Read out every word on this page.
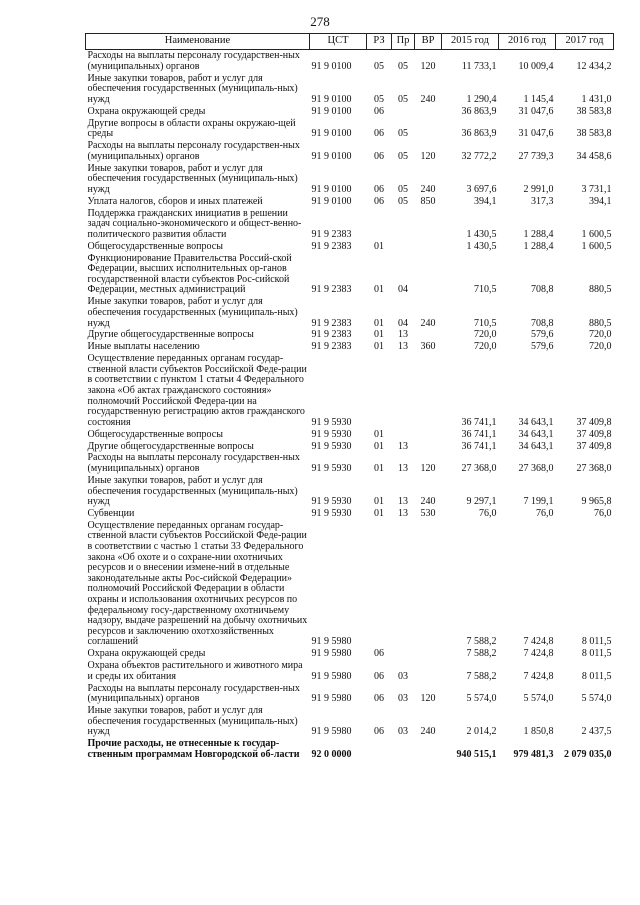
278
Наименование	ЦСТ	РЗ	Пр	ВР	2015 год	2016 год	2017 год
Расходы на выплаты персоналу государствен-ных (муниципальных) органов	91 9 0100	05	05	120	11 733,1	10 009,4	12 434,2
Иные закупки товаров, работ и услуг для обеспечения государственных (муниципаль-ных) нужд	91 9 0100	05	05	240	1 290,4	1 145,4	1 431,0
Охрана окружающей среды	91 9 0100	06			36 863,9	31 047,6	38 583,8
Другие вопросы в области охраны окружаю-щей среды	91 9 0100	06	05		36 863,9	31 047,6	38 583,8
Расходы на выплаты персоналу государствен-ных (муниципальных) органов	91 9 0100	06	05	120	32 772,2	27 739,3	34 458,6
Иные закупки товаров, работ и услуг для обеспечения государственных (муниципаль-ных) нужд	91 9 0100	06	05	240	3 697,6	2 991,0	3 731,1
Уплата налогов, сборов и иных платежей	91 9 0100	06	05	850	394,1	317,3	394,1
Поддержка гражданских инициатив в решении задач социально-экономического и общест-венно-политического развития области	91 9 2383				1 430,5	1 288,4	1 600,5
Общегосударственные вопросы	91 9 2383	01			1 430,5	1 288,4	1 600,5
Функционирование Правительства Россий-ской Федерации, высших исполнительных ор-ганов государственной власти субъектов Рос-сийской Федерации, местных администраций	91 9 2383	01	04		710,5	708,8	880,5
Иные закупки товаров, работ и услуг для обеспечения государственных (муниципаль-ных) нужд	91 9 2383	01	04	240	710,5	708,8	880,5
Другие общегосударственные вопросы	91 9 2383	01	13		720,0	579,6	720,0
Иные выплаты населению	91 9 2383	01	13	360	720,0	579,6	720,0
Осуществление переданных органам государ-ственной власти субъектов Российской Феде-рации в соответствии с пунктом 1 статьи 4 Федерального закона «Об актах гражданского состояния» полномочий Российской Федера-ции на государственную регистрацию актов гражданского состояния	91 9 5930				36 741,1	34 643,1	37 409,8
Общегосударственные вопросы	91 9 5930	01			36 741,1	34 643,1	37 409,8
Другие общегосударственные вопросы	91 9 5930	01	13		36 741,1	34 643,1	37 409,8
Расходы на выплаты персоналу государствен-ных (муниципальных) органов	91 9 5930	01	13	120	27 368,0	27 368,0	27 368,0
Иные закупки товаров, работ и услуг для обеспечения государственных (муниципаль-ных) нужд	91 9 5930	01	13	240	9 297,1	7 199,1	9 965,8
Субвенции	91 9 5930	01	13	530	76,0	76,0	76,0
Осуществление переданных органам государ-ственной власти субъектов Российской Феде-рации в соответствии с частью 1 статьи 33 Федерального закона «Об охоте и о сохране-нии охотничьих ресурсов и о внесении измене-ний в отдельные законодательные акты Рос-сийской Федерации» полномочий Российской Федерации в области охраны и использования охотничьих ресурсов по федеральному госу-дарственному охотничьему надзору, выдаче разрешений на добычу охотничьих ресурсов и заключению охотхозяйственных соглашений	91 9 5980				7 588,2	7 424,8	8 011,5
Охрана окружающей среды	91 9 5980	06			7 588,2	7 424,8	8 011,5
Охрана объектов растительного и животного мира и среды их обитания	91 9 5980	06	03		7 588,2	7 424,8	8 011,5
Расходы на выплаты персоналу государствен-ных (муниципальных) органов	91 9 5980	06	03	120	5 574,0	5 574,0	5 574,0
Иные закупки товаров, работ и услуг для обеспечения государственных (муниципаль-ных) нужд	91 9 5980	06	03	240	2 014,2	1 850,8	2 437,5
Прочие расходы, не отнесенные к государ-ственным программам Новгородской об-ласти	92 0 0000				940 515,1	979 481,3	2 079 035,0
